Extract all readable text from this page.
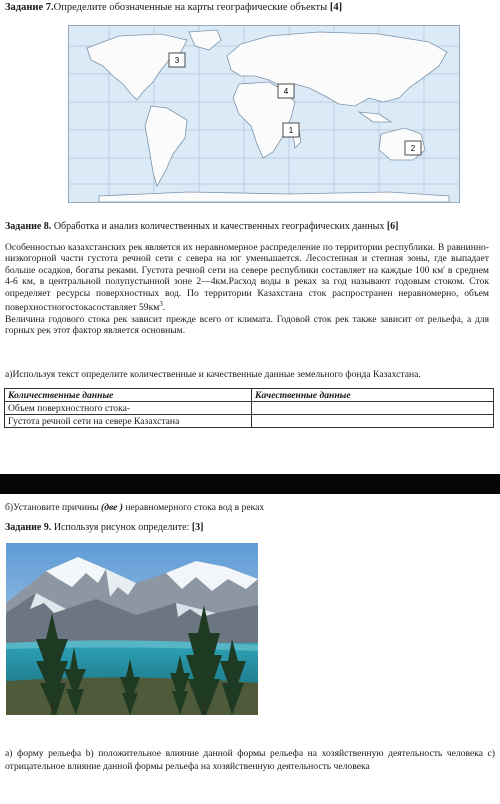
Задание 7.Определите обозначенные на карты географические объекты [4]
3
4
1
2
Задание 8. Обработка и анализ количественных и качественных географических данных [6]

Особенностью казахстанских рек является их неравномерное распределение по территории республики. В равнинно-низкогорной части густота речной сети с севера на юг уменьшается. Лесостепная и степная зоны, где выпадает больше осадков, богаты реками. Густота речной сети на севере республики составляет на каждые 100 км' в среднем 4-6 км, в центральной полупустынной зоне 2—4км.Расход воды в реках за год называют годовым стоком. Сток определяет ресурсы поверхностных вод. По территории Казахстана сток распространен неравномерно, объем поверхностногостокасоставляет $59км^3$.

Величина годового стока рек зависит прежде всего от климата. Годовой сток рек также зависит от рельефа, а для горных рек этот фактор является основным.

а)Используя текст определите количественные и качественные данные земельного фонда Казахстана.
Количественные данные	Качественные данные
Объем поверхностного стока-	
Густота речной сети на севере Казахстана	
б)Установите причины (две ) неравномерного стока вод в реках
Задание 9. Используя рисунок определите: [3]
а) форму рельефа b) положительное влияние данной формы рельефа на хозяйственную деятельность человека c) отрицательное влияние данной формы рельефа на хозяйственную деятельность человека
